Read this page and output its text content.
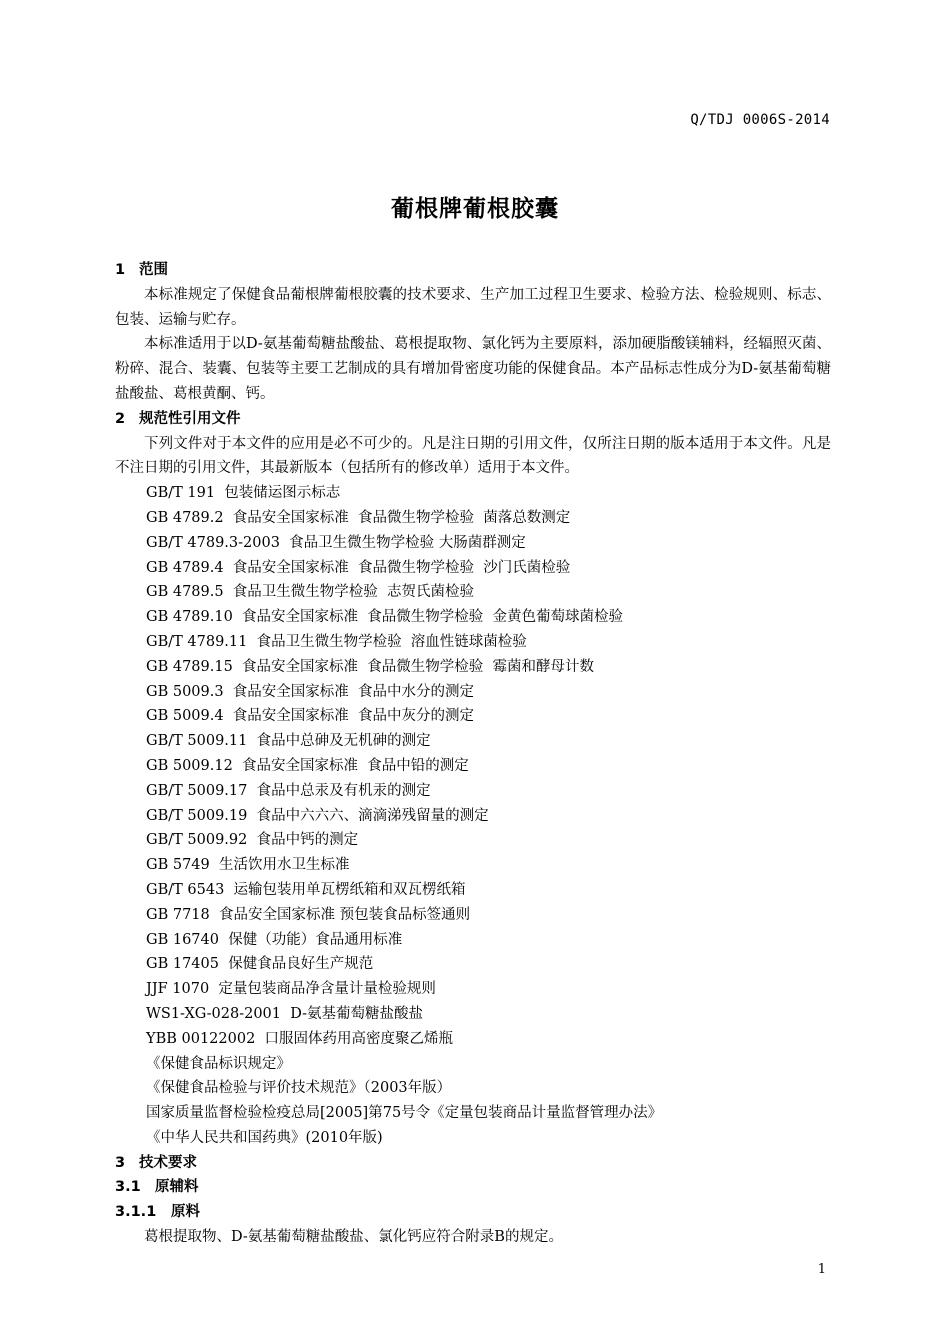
Q/TDJ 0006S-2014
葡根牌葡根胶囊
1 范围

本标准规定了保健食品葡根牌葡根胶囊的技术要求、生产加工过程卫生要求、检验方法、检验规则、标志、包装、运输与贮存。

本标准适用于以D-氨基葡萄糖盐酸盐、葛根提取物、氯化钙为主要原料，添加硬脂酸镁辅料，经辐照灭菌、粉碎、混合、装囊、包装等主要工艺制成的具有增加骨密度功能的保健食品。本产品标志性成分为D-氨基葡萄糖盐酸盐、葛根黄酮、钙。

2 规范性引用文件

下列文件对于本文件的应用是必不可少的。凡是注日期的引用文件，仅所注日期的版本适用于本文件。凡是不注日期的引用文件，其最新版本（包括所有的修改单）适用于本文件。

GB/T 191  包装储运图示标志
GB 4789.2  食品安全国家标准  食品微生物学检验  菌落总数测定
GB/T 4789.3-2003  食品卫生微生物学检验 大肠菌群测定
GB 4789.4  食品安全国家标准  食品微生物学检验  沙门氏菌检验
GB 4789.5  食品卫生微生物学检验  志贺氏菌检验
GB 4789.10  食品安全国家标准  食品微生物学检验  金黄色葡萄球菌检验
GB/T 4789.11  食品卫生微生物学检验  溶血性链球菌检验
GB 4789.15  食品安全国家标准  食品微生物学检验  霉菌和酵母计数
GB 5009.3  食品安全国家标准  食品中水分的测定
GB 5009.4  食品安全国家标准  食品中灰分的测定
GB/T 5009.11  食品中总砷及无机砷的测定
GB 5009.12  食品安全国家标准  食品中铅的测定
GB/T 5009.17  食品中总汞及有机汞的测定
GB/T 5009.19  食品中六六六、滴滴涕残留量的测定
GB/T 5009.92  食品中钙的测定
GB 5749  生活饮用水卫生标准
GB/T 6543  运输包装用单瓦楞纸箱和双瓦楞纸箱
GB 7718  食品安全国家标准 预包装食品标签通则
GB 16740  保健（功能）食品通用标准
GB 17405  保健食品良好生产规范
JJF 1070  定量包装商品净含量计量检验规则
WS1-XG-028-2001  D-氨基葡萄糖盐酸盐
YBB 00122002  口服固体药用高密度聚乙烯瓶
《保健食品标识规定》
《保健食品检验与评价技术规范》（2003年版）
国家质量监督检验检疫总局[2005]第75号令《定量包装商品计量监督管理办法》
《中华人民共和国药典》(2010年版)
3 技术要求
3.1 原辅料
3.1.1 原料

葛根提取物、D-氨基葡萄糖盐酸盐、氯化钙应符合附录B的规定。

1
